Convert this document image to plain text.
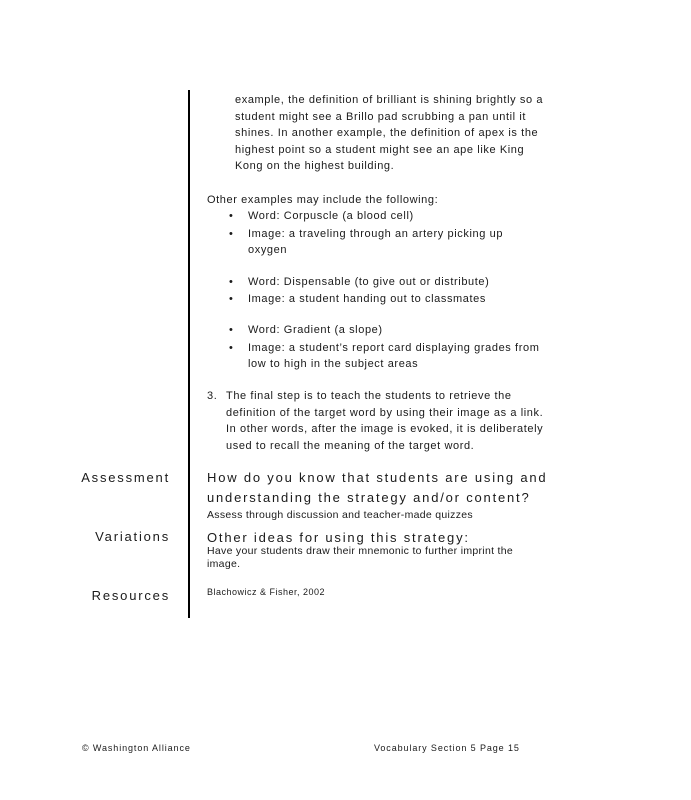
example, the definition of brilliant is shining brightly so a
student might see a Brillo pad scrubbing a pan until it
shines. In another example, the definition of apex is the
highest point so a student might see an ape like King
Kong on the highest building.
Other examples may include the following:
• Word: Corpuscle (a blood cell)
• Image: a traveling through an artery picking up
oxygen
• Word: Dispensable (to give out or distribute)
• Image: a student handing out to classmates
• Word: Gradient (a slope)
• Image: a student’s report card displaying grades from
low to high in the subject areas
3. The final step is to teach the students to retrieve the
definition of the target word by using their image as a link.
In other words, after the image is evoked, it is deliberately
used to recall the meaning of the target word.
Assessment	How do you know that students are using and
understanding the strategy and/or content?
Assess through discussion and teacher-made quizzes
Variations	Other ideas for using this strategy:
Have your students draw their mnemonic to further imprint the
image.
Resources	Blachowicz & Fisher, 2002
© Washington Alliance	Vocabulary Section 5 Page 15
